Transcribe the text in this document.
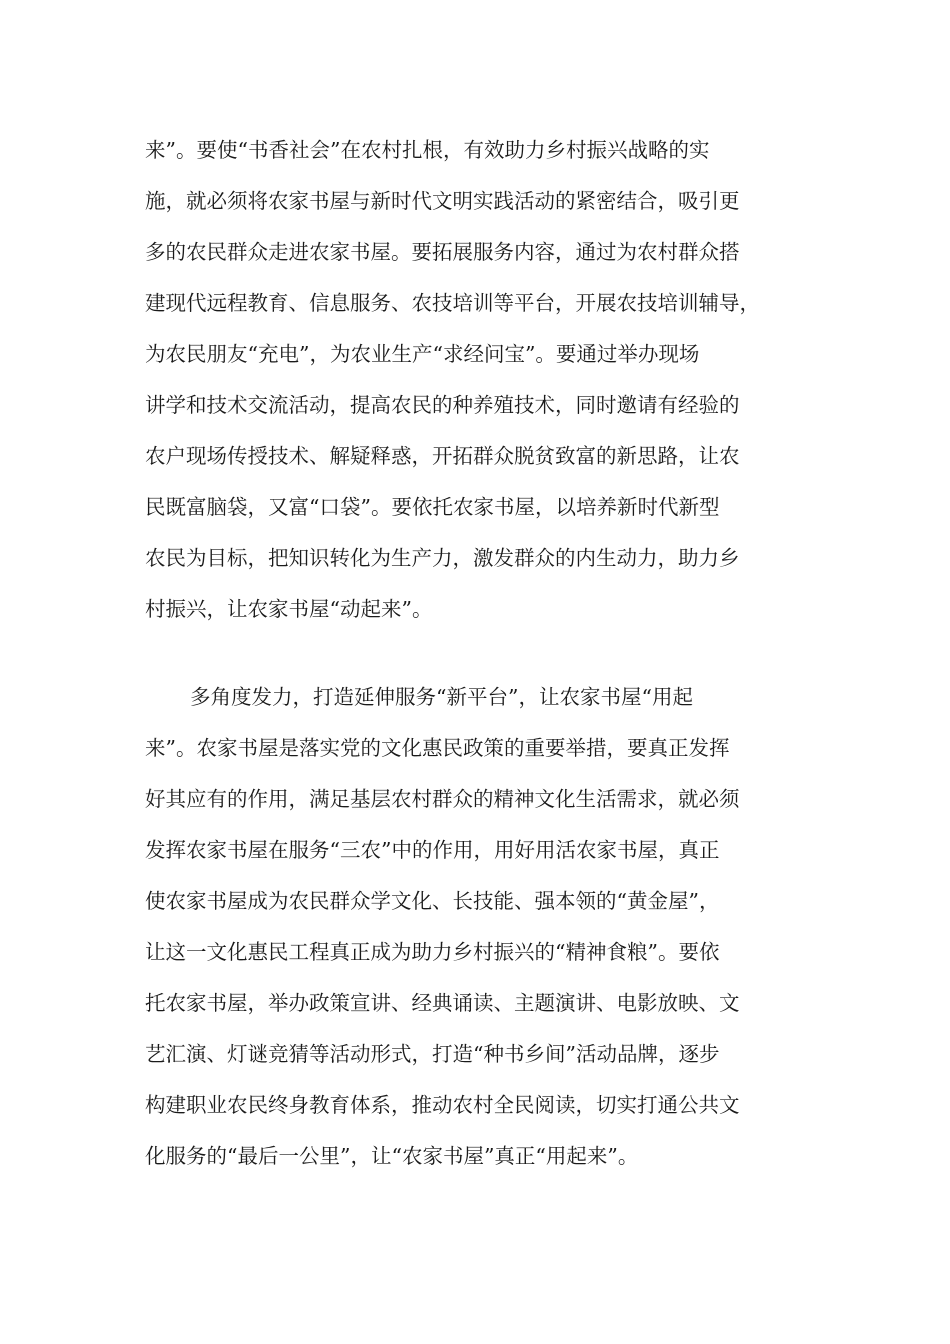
来”。要使“书香社会”在农村扎根，有效助力乡村振兴战略的实
施，就必须将农家书屋与新时代文明实践活动的紧密结合，吸引更
多的农民群众走进农家书屋。要拓展服务内容，通过为农村群众搭
建现代远程教育、信息服务、农技培训等平台，开展农技培训辅导，
为农民朋友“充电”，为农业生产“求经问宝”。要通过举办现场
讲学和技术交流活动，提高农民的种养殖技术，同时邀请有经验的
农户现场传授技术、解疑释惑，开拓群众脱贫致富的新思路，让农
民既富脑袋，又富“口袋”。要依托农家书屋，以培养新时代新型
农民为目标，把知识转化为生产力，激发群众的内生动力，助力乡
村振兴，让农家书屋“动起来”。
多角度发力，打造延伸服务“新平台”，让农家书屋“用起
来”。农家书屋是落实党的文化惠民政策的重要举措，要真正发挥
好其应有的作用，满足基层农村群众的精神文化生活需求，就必须
发挥农家书屋在服务“三农”中的作用，用好用活农家书屋，真正
使农家书屋成为农民群众学文化、长技能、强本领的“黄金屋”，
让这一文化惠民工程真正成为助力乡村振兴的“精神食粮”。要依
托农家书屋，举办政策宣讲、经典诵读、主题演讲、电影放映、文
艺汇演、灯谜竞猜等活动形式，打造“种书乡间”活动品牌，逐步
构建职业农民终身教育体系，推动农村全民阅读，切实打通公共文
化服务的“最后一公里”，让“农家书屋”真正“用起来”。
